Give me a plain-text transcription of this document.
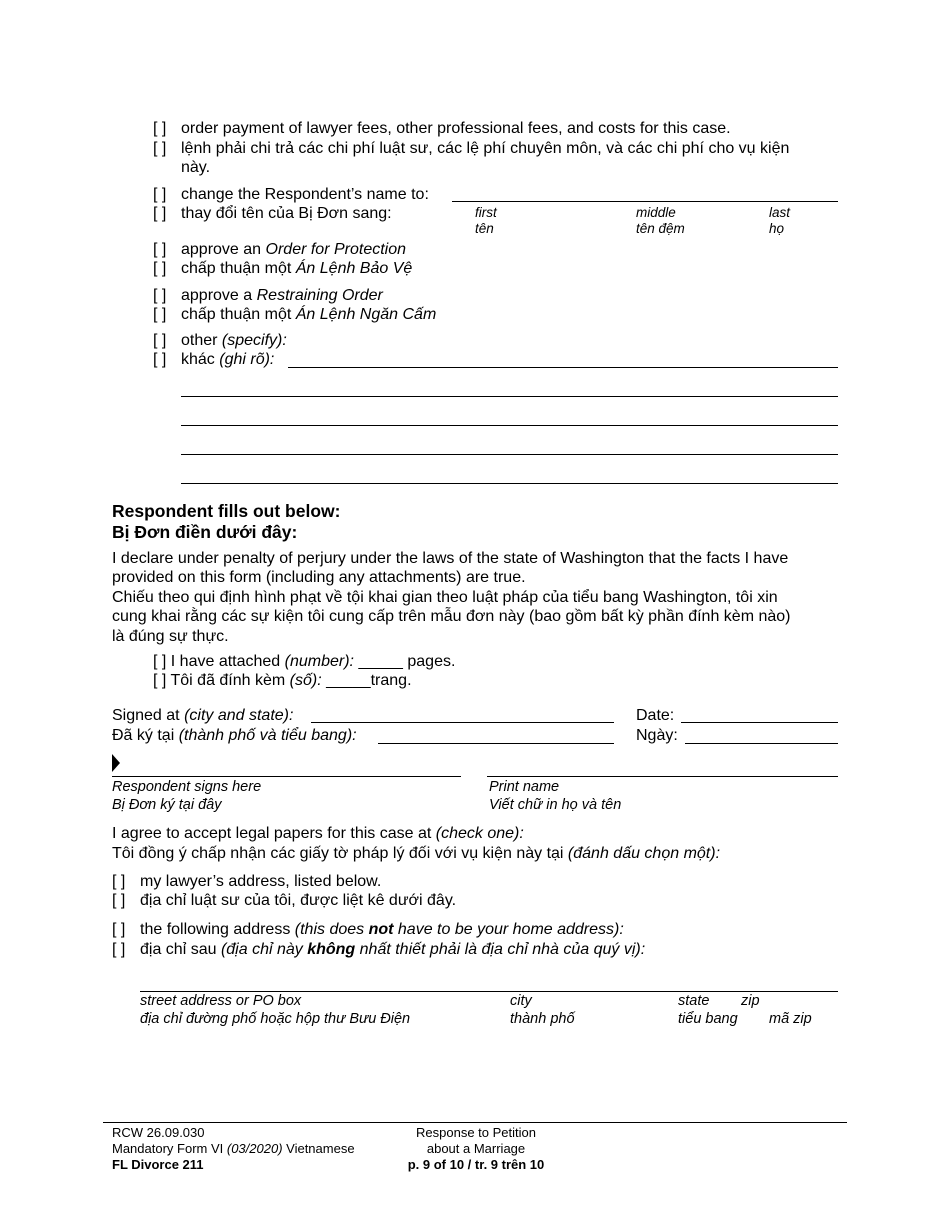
[ ] order payment of lawyer fees, other professional fees, and costs for this case.
[ ] lệnh phải chi trả các chi phí luật sư, các lệ phí chuyên môn, và các chi phí cho vụ kiện
này.
[ ] change the Respondent’s name to:
[ ] thay đổi tên của Bị Đơn sang:	first
tên
middle
tên đệm
last
họ
[ ] approve an Order for Protection
[ ] chấp thuận một Án Lệnh Bảo Vệ
[ ] approve a Restraining Order
[ ] chấp thuận một Án Lệnh Ngăn Cấm
[ ] other (specify):
[ ] khác (ghi rõ):
Respondent fills out below:
Bị Đơn điền dưới đây:
I declare under penalty of perjury under the laws of the state of Washington that the facts I have
provided on this form (including any attachments) are true.
Chiếu theo qui định hình phạt về tội khai gian theo luật pháp của tiểu bang Washington, tôi xin
cung khai rằng các sự kiện tôi cung cấp trên mẫu đơn này (bao gồm bất kỳ phần đính kèm nào)
là đúng sự thực.
[ ] I have attached (number): _____ pages.
[ ] Tôi đã đính kèm (số): _____trang.
Signed at (city and state):
Đã ký tại (thành phố và tiểu bang):
Date:
Ngày:
Respondent signs here
Bị Đơn ký tại đây
Print name
Viết chữ in họ và tên
I agree to accept legal papers for this case at (check one):
Tôi đồng ý chấp nhận các giấy tờ pháp lý đối với vụ kiện này tại (đánh dấu chọn một):
[ ] my lawyer’s address, listed below.
[ ] địa chỉ luật sư của tôi, được liệt kê dưới đây.
[ ] the following address (this does not have to be your home address):
[ ] địa chỉ sau (địa chỉ này không nhất thiết phải là địa chỉ nhà của quý vị):
street address or PO box
địa chỉ đường phố hoặc hộp thư Bưu Điện
city
thành phố
state
tiểu bang
zip
mã zip
RCW 26.09.030
Mandatory Form VI (03/2020) Vietnamese
FL Divorce 211
Response to Petition
about a Marriage
p. 9 of 10 / tr. 9 trên 10
